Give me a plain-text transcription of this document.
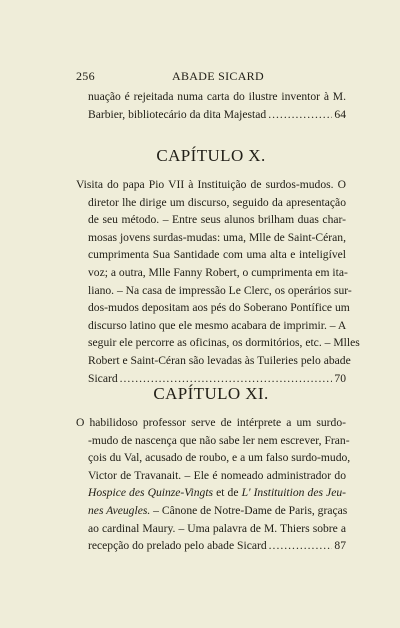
256	ABADE SICARD
nuação é rejeitada numa carta do ilustre inventor à M.
Barbier, bibliotecário da dita Majestad .....	64
CAPÍTULO X.
Visita do papa Pio VII à Instituição de surdos-mudos. O
diretor lhe dirige um discurso, seguido da apresentação
de seu método. – Entre seus alunos brilham duas char-
mosas jovens surdas-mudas: uma, Mlle de Saint-Céran,
cumprimenta Sua Santidade com uma alta e inteligível
voz; a outra, Mlle Fanny Robert, o cumprimenta em ita-
liano. – Na casa de impressão Le Clerc, os operários sur-
dos-mudos depositam aos pés do Soberano Pontífice um
discurso latino que ele mesmo acabara de imprimir. – A
seguir ele percorre as oficinas, os dormitórios, etc. – Mlles
Robert e Saint-Céran são levadas às Tuileries pelo abade
Sicard .....	70
CAPÍTULO XI.
O habilidoso professor serve de intérprete a um surdo-
-mudo de nascença que não sabe ler nem escrever, Fran-
çois du Val, acusado de roubo, e a um falso surdo-mudo,
Victor de Travanait. – Ele é nomeado administrador do
Hospice des Quinze-Vingts et de L' Instituition des Jeu-
nes Aveugles. – Cânone de Notre-Dame de Paris, graças
ao cardinal Maury. – Uma palavra de M. Thiers sobre a
recepção do prelado pelo abade Sicard .....	87
